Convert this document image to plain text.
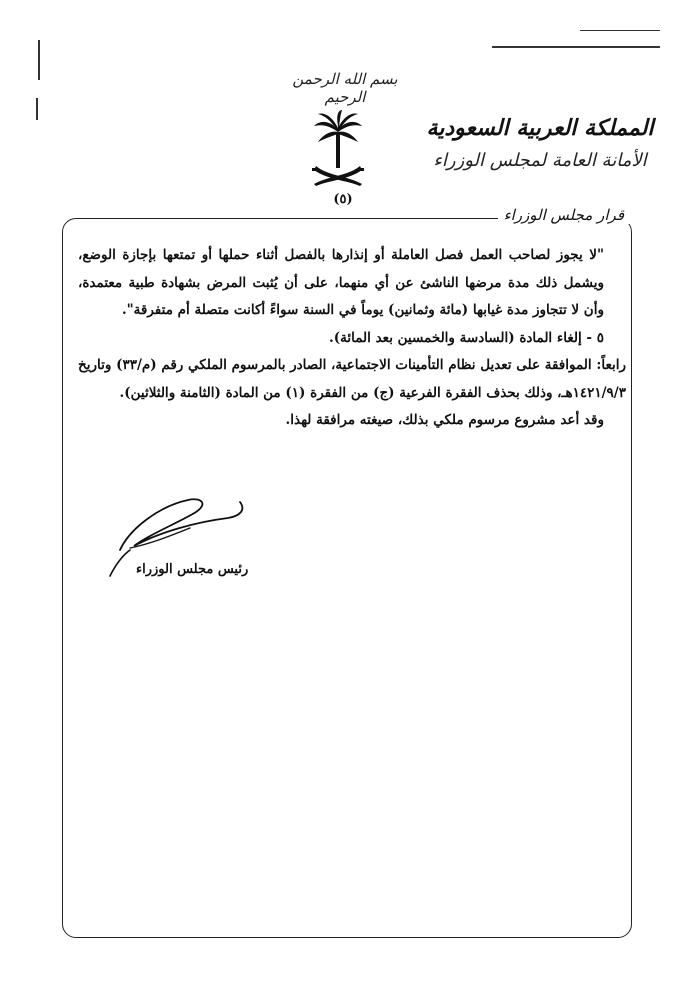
بسم الله الرحمن الرحيم
المملكة العربية السعودية
الأمانة العامة لمجلس الوزراء
(٥)
قرار مجلس الوزراء

"لا يجوز لصاحب العمل فصل العاملة أو إنذارها بالفصل أثناء حملها أو تمتعها بإجازة الوضع، ويشمل ذلك مدة مرضها الناشئ عن أي منهما، على أن يُثبت المرض بشهادة طبية معتمدة، وأن لا تتجاوز مدة غيابها (مائة وثمانين) يوماً في السنة سواءً أكانت متصلة أم متفرقة".

٥ - إلغاء المادة (السادسة والخمسين بعد المائة).

رابعاً: الموافقة على تعديل نظام التأمينات الاجتماعية، الصادر بالمرسوم الملكي رقم (م/٣٣) وتاريخ ١٤٢١/٩/٣هـ، وذلك بحذف الفقرة الفرعية (ج) من الفقرة (١) من المادة (الثامنة والثلاثين).

وقد أعد مشروع مرسوم ملكي بذلك، صيغته مرافقة لهذا.

رئيس مجلس الوزراء
